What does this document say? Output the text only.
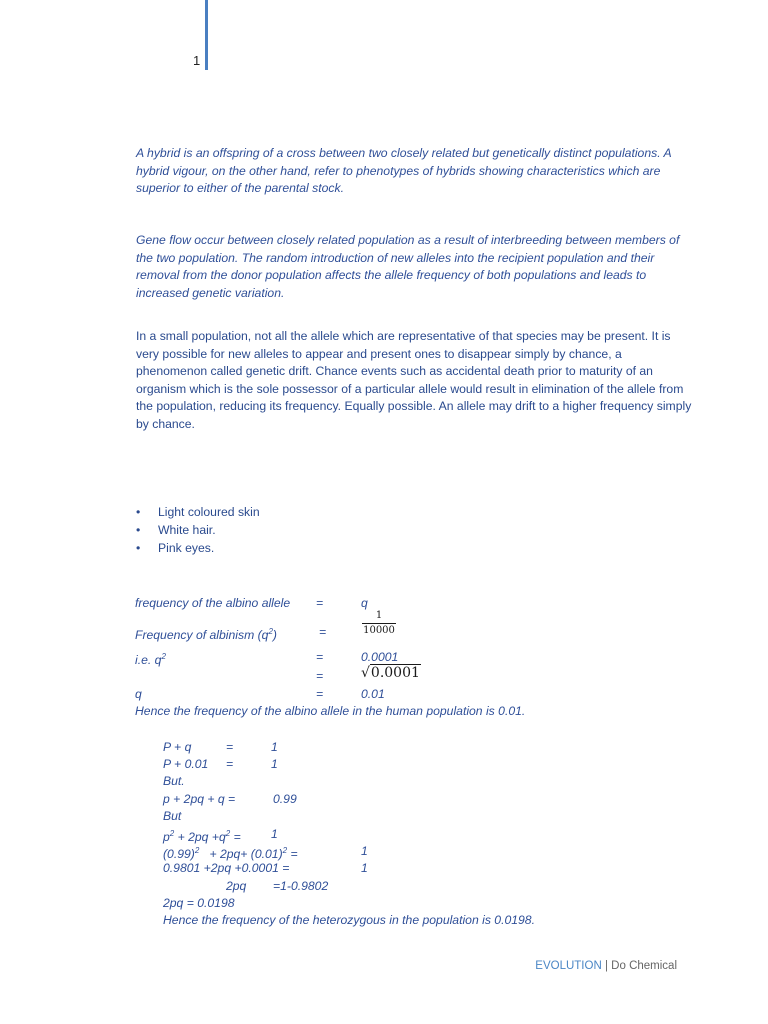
1

A hybrid is an offspring of a cross between two closely related but genetically distinct populations. A hybrid vigour, on the other hand, refer to phenotypes of hybrids showing characteristics which are superior to either of the parental stock.

Gene flow occur between closely related population as a result of interbreeding between members of the two population. The random introduction of new alleles into the recipient population and their removal from the donor population affects the allele frequency of both populations and leads to increased genetic variation.

In a small population, not all the allele which are representative of that species may be present. It is very possible for new alleles to appear and present ones to disappear simply by chance, a phenomenon called genetic drift. Chance events such as accidental death prior to maturity of an organism which is the sole possessor of a particular allele would result in elimination of the allele from the population, reducing its frequency. Equally possible. An allele may drift to a higher frequency simply by chance.

• Light coloured skin
• White hair.
• Pink eyes.
frequency of the albino allele =	q
Frequency of albinism $(q^2)$	=
1
10000
i.e. $q^2$	=	0.0001
=	√0.0001
q	=	0.01
Hence the frequency of the albino allele in the human population is 0.01.
P + q	=	1
P + 0.01 =	1
But.
p + 2pq + q =	0.99
But
$p^2 + 2pq +q^2 = 1$
$(0.99)^2 + 2pq+ (0.01)^2$ =	1
0.9801 +2pq +0.0001 =	1
2pq =1-0.9802
2pq = 0.0198
Hence the frequency of the heterozygous in the population is 0.0198.
EVOLUTION | Do Chemical
